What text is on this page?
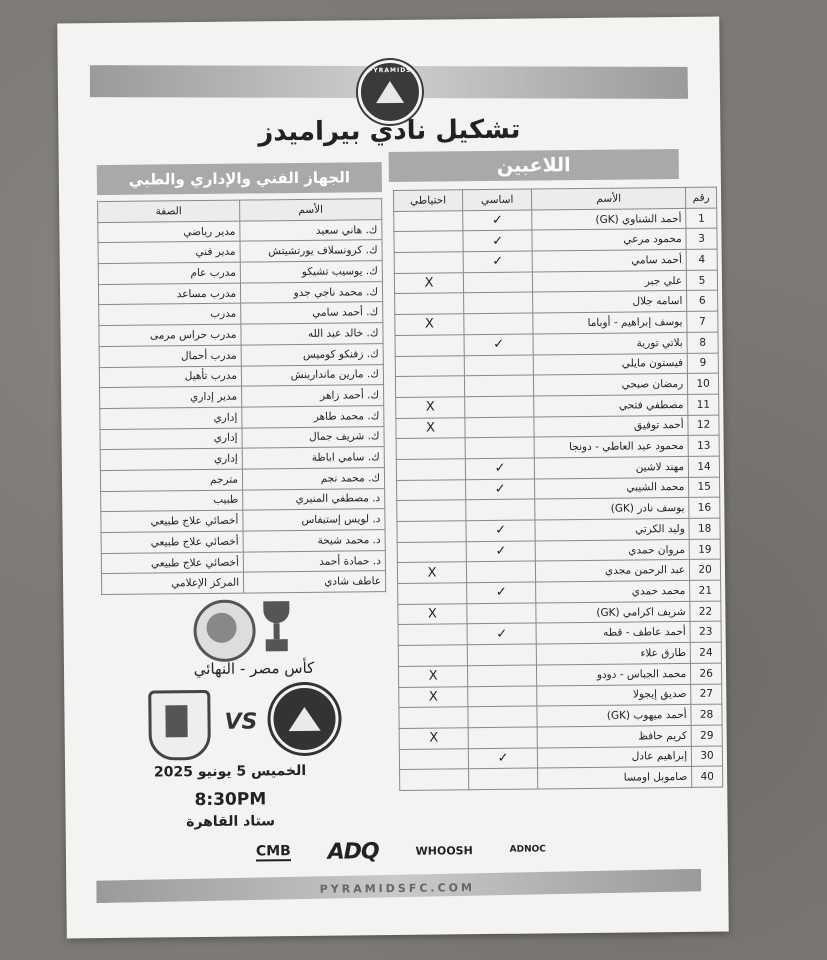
PYRAMIDS
تشكيل نادي بيراميدز
اللاعبين
الجهاز الفني والإداري والطبي
رقم	الأسم	اساسي	احتياطي
1	أحمد الشناوي (GK)	✓	
3	محمود مرعي	✓	
4	أحمد سامي	✓	
5	علي جبر		X
6	اسامه جلال		
7	يوسف إبراهيم - أوباما		X
8	بلاتي تورية	✓	
9	فيستون مايلي		
10	رمضان صبحي		
11	مصطفي فتحي		X
12	أحمد توفيق		X
13	محمود عبد العاطي - دونجا		
14	مهند لاشين	✓	
15	محمد الشيبي	✓	
16	يوسف نادر (GK)		
18	وليد الكرتي	✓	
19	مروان حمدي	✓	
20	عبد الرحمن مجدي		X
21	محمد حمدي	✓	
22	شريف اكرامي (GK)		X
23	أحمد عاطف - قطه	✓	
24	طارق علاء		
26	محمد الجباس - دودو		X
27	صديق إيجولا		X
28	أحمد ميهوب (GK)		
29	كريم حافظ		X
30	إبراهيم عادل	✓	
40	صاموبل اومسا		
الأسم	الصفة
ك. هاني سعيد	مدير رياضي
ك. كرونسلاف يورتشيتش	مدير فني
ك. يوسيب تشيكو	مدرب عام
ك. محمد ناجي جدو	مدرب مساعد
ك. أحمد سامي	مدرب
ك. خالد عبد الله	مدرب حراس مرمى
ك. زفنكو كوميس	مدرب أحمال
ك. مارين ماندارينش	مدرب تأهيل
ك. أحمد زاهر	مدير إداري
ك. محمد طاهر	إداري
ك. شريف جمال	إداري
ك. سامي اباظة	إداري
ك. محمد نجم	مترجم
د. مصطفي المنيري	طبيب
د. لويس إستيفاس	أخصائي علاج طبيعي
د. محمد شيحة	أخصائي علاج طبيعي
د. حمادة أحمد	أخصائي علاج طبيعي
عاطف شادي	المركز الإعلامي
كأس مصر - النهائي
VS
الخميس 5 يونيو 2025
8:30PM
ستاد القاهرة
CMB ADQ	WHOOSH	ADNOC
PYRAMIDSFC.COM
